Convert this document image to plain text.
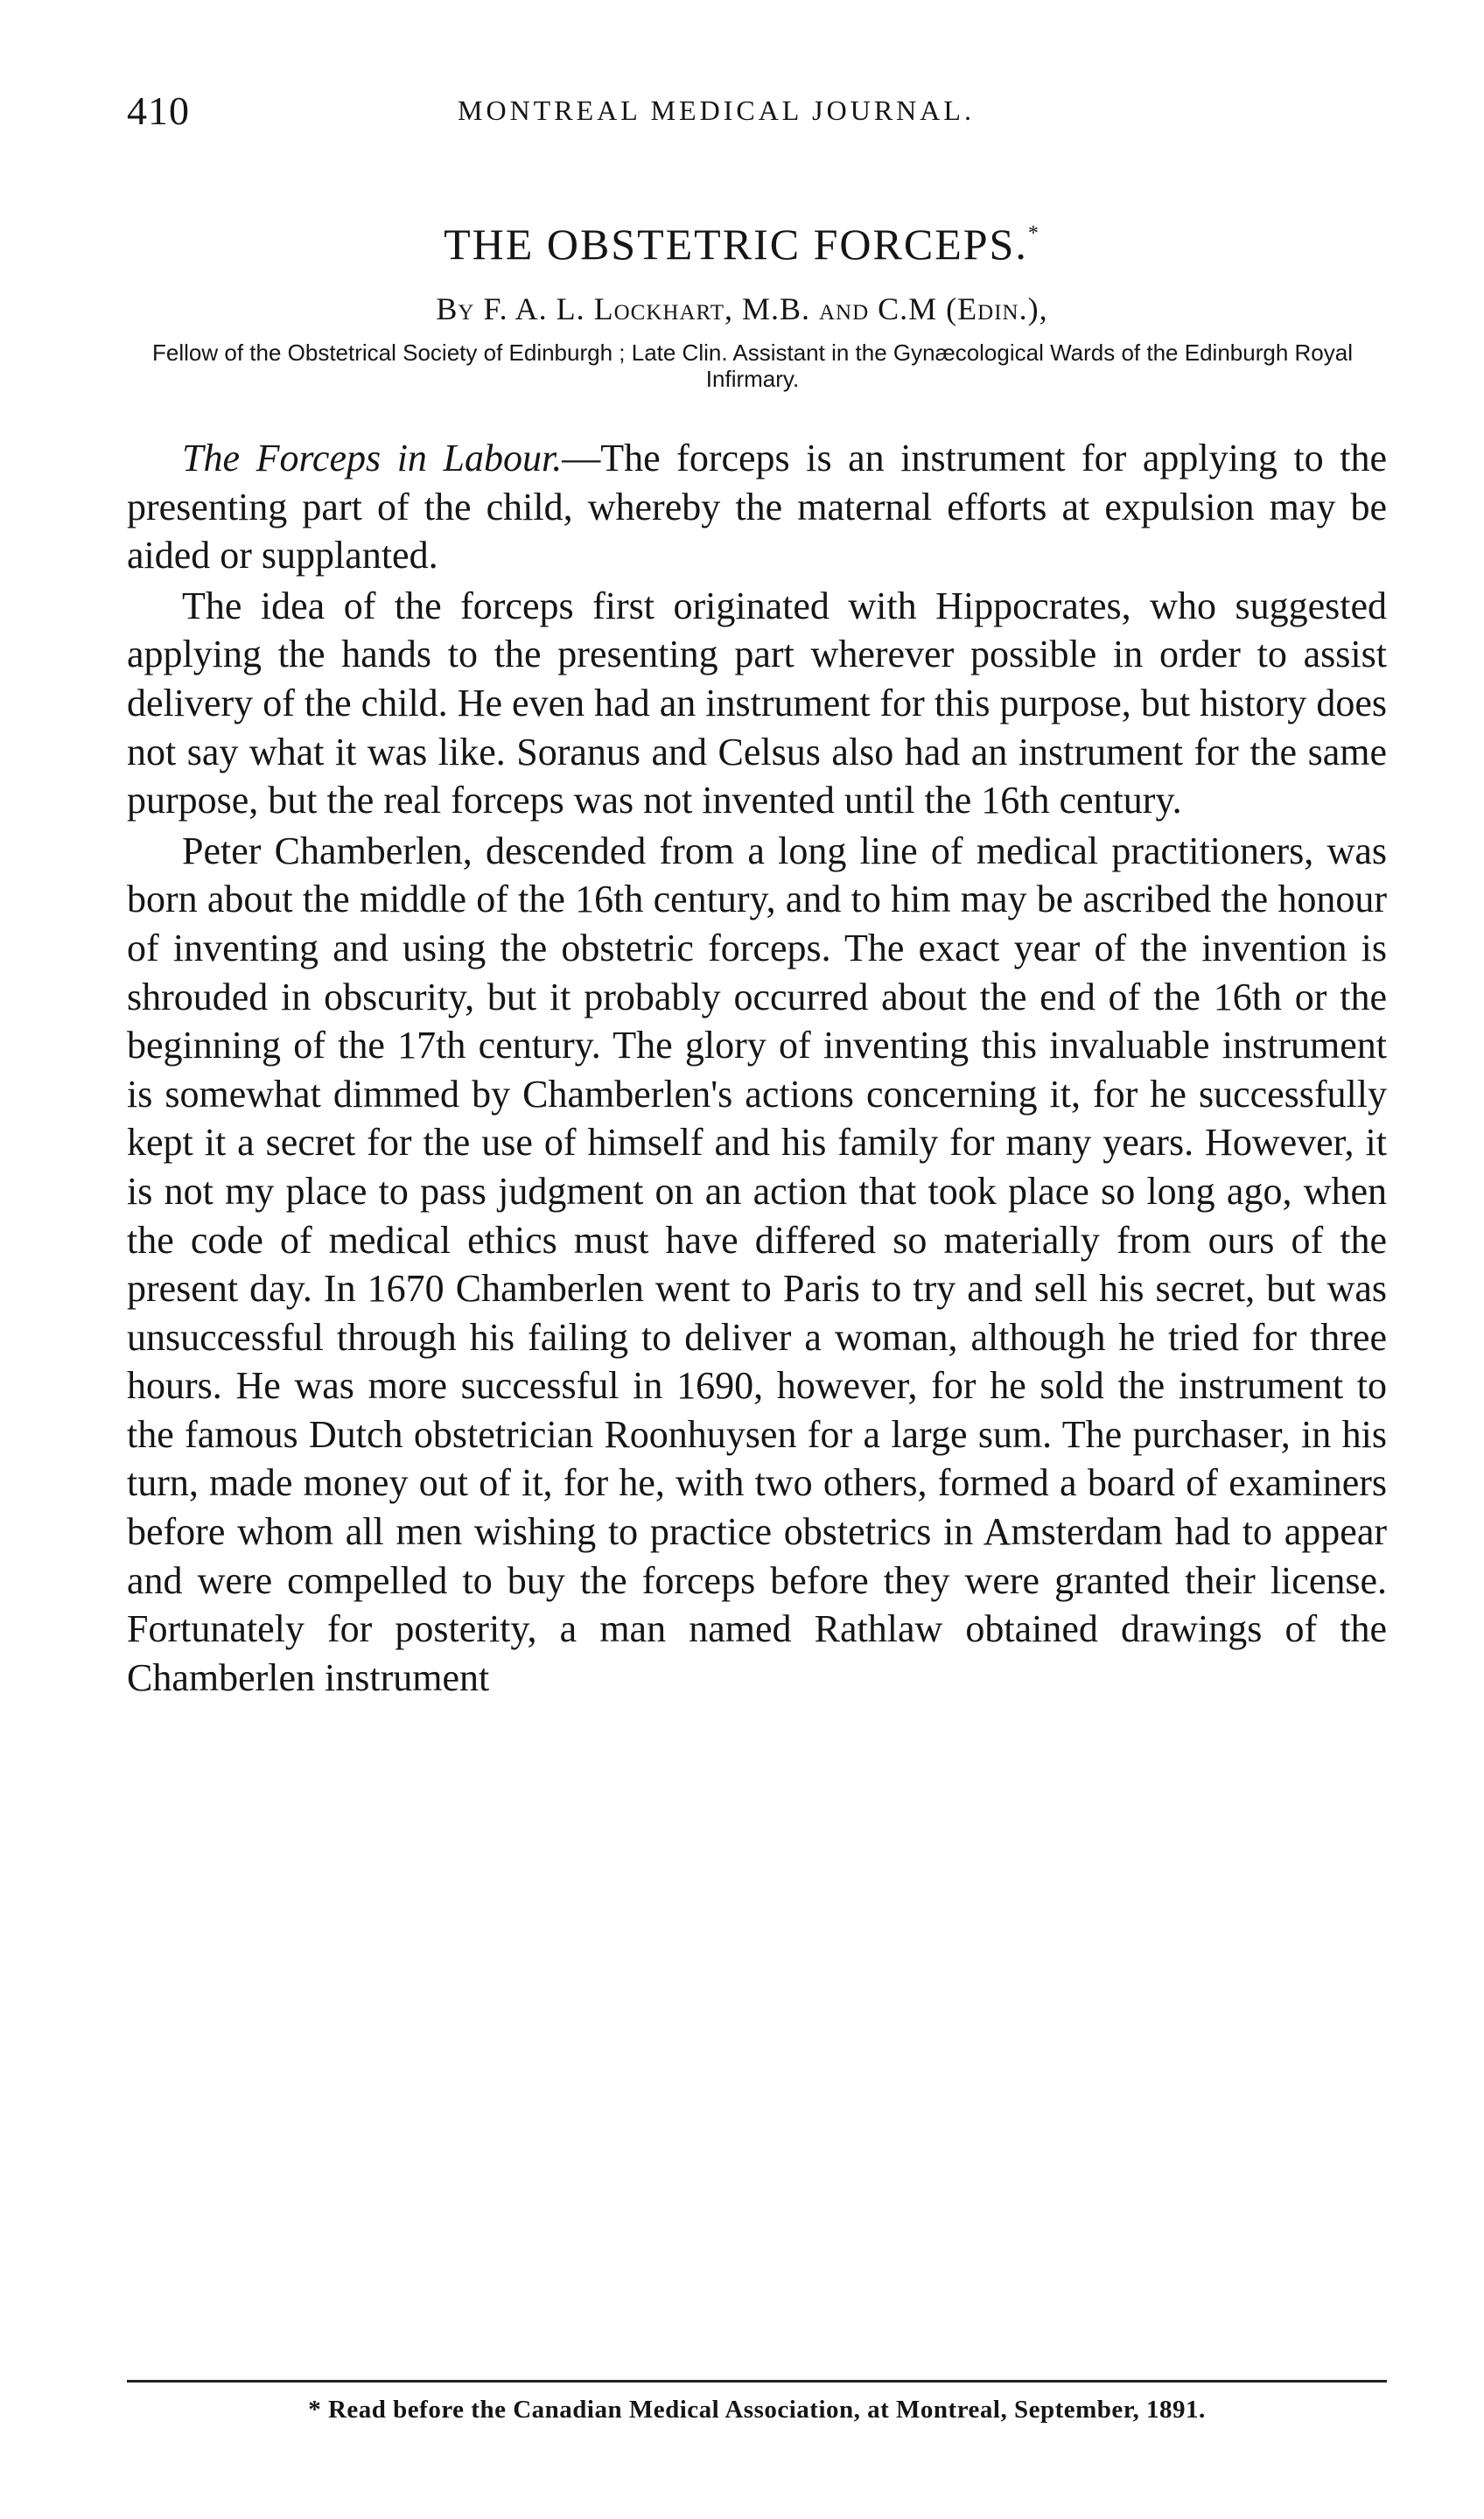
410	MONTREAL MEDICAL JOURNAL.
THE OBSTETRIC FORCEPS.*
By F. A. L. Lockhart, M.B. and C.M (Edin.),
Fellow of the Obstetrical Society of Edinburgh ; Late Clin. Assistant in the Gynæcological Wards of the Edinburgh Royal Infirmary.

The Forceps in Labour.—The forceps is an instrument for applying to the presenting part of the child, whereby the maternal efforts at expulsion may be aided or supplanted.

The idea of the forceps first originated with Hippocrates, who suggested applying the hands to the presenting part wherever possible in order to assist delivery of the child. He even had an instrument for this purpose, but history does not say what it was like. Soranus and Celsus also had an instrument for the same purpose, but the real forceps was not invented until the 16th century.

Peter Chamberlen, descended from a long line of medical practitioners, was born about the middle of the 16th century, and to him may be ascribed the honour of inventing and using the obstetric forceps. The exact year of the invention is shrouded in obscurity, but it probably occurred about the end of the 16th or the beginning of the 17th century. The glory of inventing this invaluable instrument is somewhat dimmed by Chamberlen's actions concerning it, for he successfully kept it a secret for the use of himself and his family for many years. However, it is not my place to pass judgment on an action that took place so long ago, when the code of medical ethics must have differed so materially from ours of the present day. In 1670 Chamberlen went to Paris to try and sell his secret, but was unsuccessful through his failing to deliver a woman, although he tried for three hours. He was more successful in 1690, however, for he sold the instrument to the famous Dutch obstetrician Roonhuysen for a large sum. The purchaser, in his turn, made money out of it, for he, with two others, formed a board of examiners before whom all men wishing to practice obstetrics in Amsterdam had to appear and were compelled to buy the forceps before they were granted their license. Fortunately for posterity, a man named Rathlaw obtained drawings of the Chamberlen instrument

* Read before the Canadian Medical Association, at Montreal, September, 1891.
